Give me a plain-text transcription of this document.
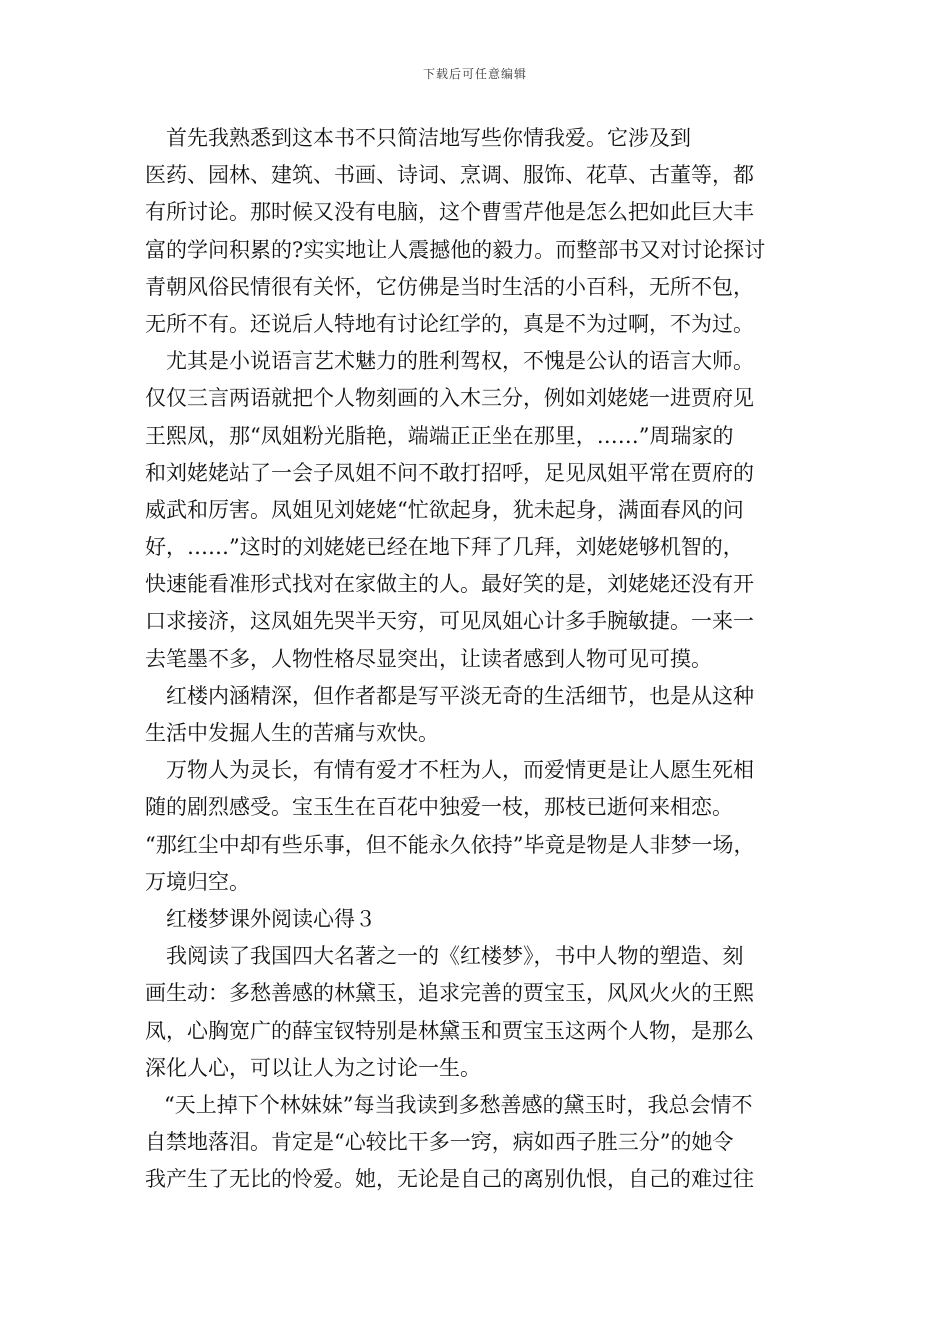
下载后可任意编辑
首先我熟悉到这本书不只简洁地写些你情我爱。它涉及到
医药、园林、建筑、书画、诗词、烹调、服饰、花草、古董等，都
有所讨论。那时候又没有电脑，这个曹雪芹他是怎么把如此巨大丰
富的学问积累的?实实地让人震撼他的毅力。而整部书又对讨论探讨
青朝风俗民情很有关怀，它仿佛是当时生活的小百科，无所不包，
无所不有。还说后人特地有讨论红学的，真是不为过啊，不为过。
尤其是小说语言艺术魅力的胜利驾权，不愧是公认的语言大师。
仅仅三言两语就把个人物刻画的入木三分，例如刘姥姥一进贾府见
王熙凤，那“凤姐粉光脂艳，端端正正坐在那里，……”周瑞家的
和刘姥姥站了一会子凤姐不问不敢打招呼，足见凤姐平常在贾府的
威武和厉害。凤姐见刘姥姥“忙欲起身，犹未起身，满面春风的问
好，……”这时的刘姥姥已经在地下拜了几拜，刘姥姥够机智的，
快速能看准形式找对在家做主的人。最好笑的是，刘姥姥还没有开
口求接济，这凤姐先哭半天穷，可见凤姐心计多手腕敏捷。一来一
去笔墨不多，人物性格尽显突出，让读者感到人物可见可摸。
红楼内涵精深，但作者都是写平淡无奇的生活细节，也是从这种
生活中发掘人生的苦痛与欢快。
万物人为灵长，有情有爱才不枉为人，而爱情更是让人愿生死相
随的剧烈感受。宝玉生在百花中独爱一枝，那枝已逝何来相恋。
“那红尘中却有些乐事，但不能永久依持”毕竟是物是人非梦一场，
万境归空。
红楼梦课外阅读心得３
我阅读了我国四大名著之一的《红楼梦》，书中人物的塑造、刻
画生动：多愁善感的林黛玉，追求完善的贾宝玉，风风火火的王熙
凤，心胸宽广的薛宝钗特别是林黛玉和贾宝玉这两个人物，是那么
深化人心，可以让人为之讨论一生。
“天上掉下个林妹妹”每当我读到多愁善感的黛玉时，我总会情不
自禁地落泪。肯定是“心较比干多一窍，病如西子胜三分”的她令
我产生了无比的怜爱。她，无论是自己的离别仇恨，自己的难过往
